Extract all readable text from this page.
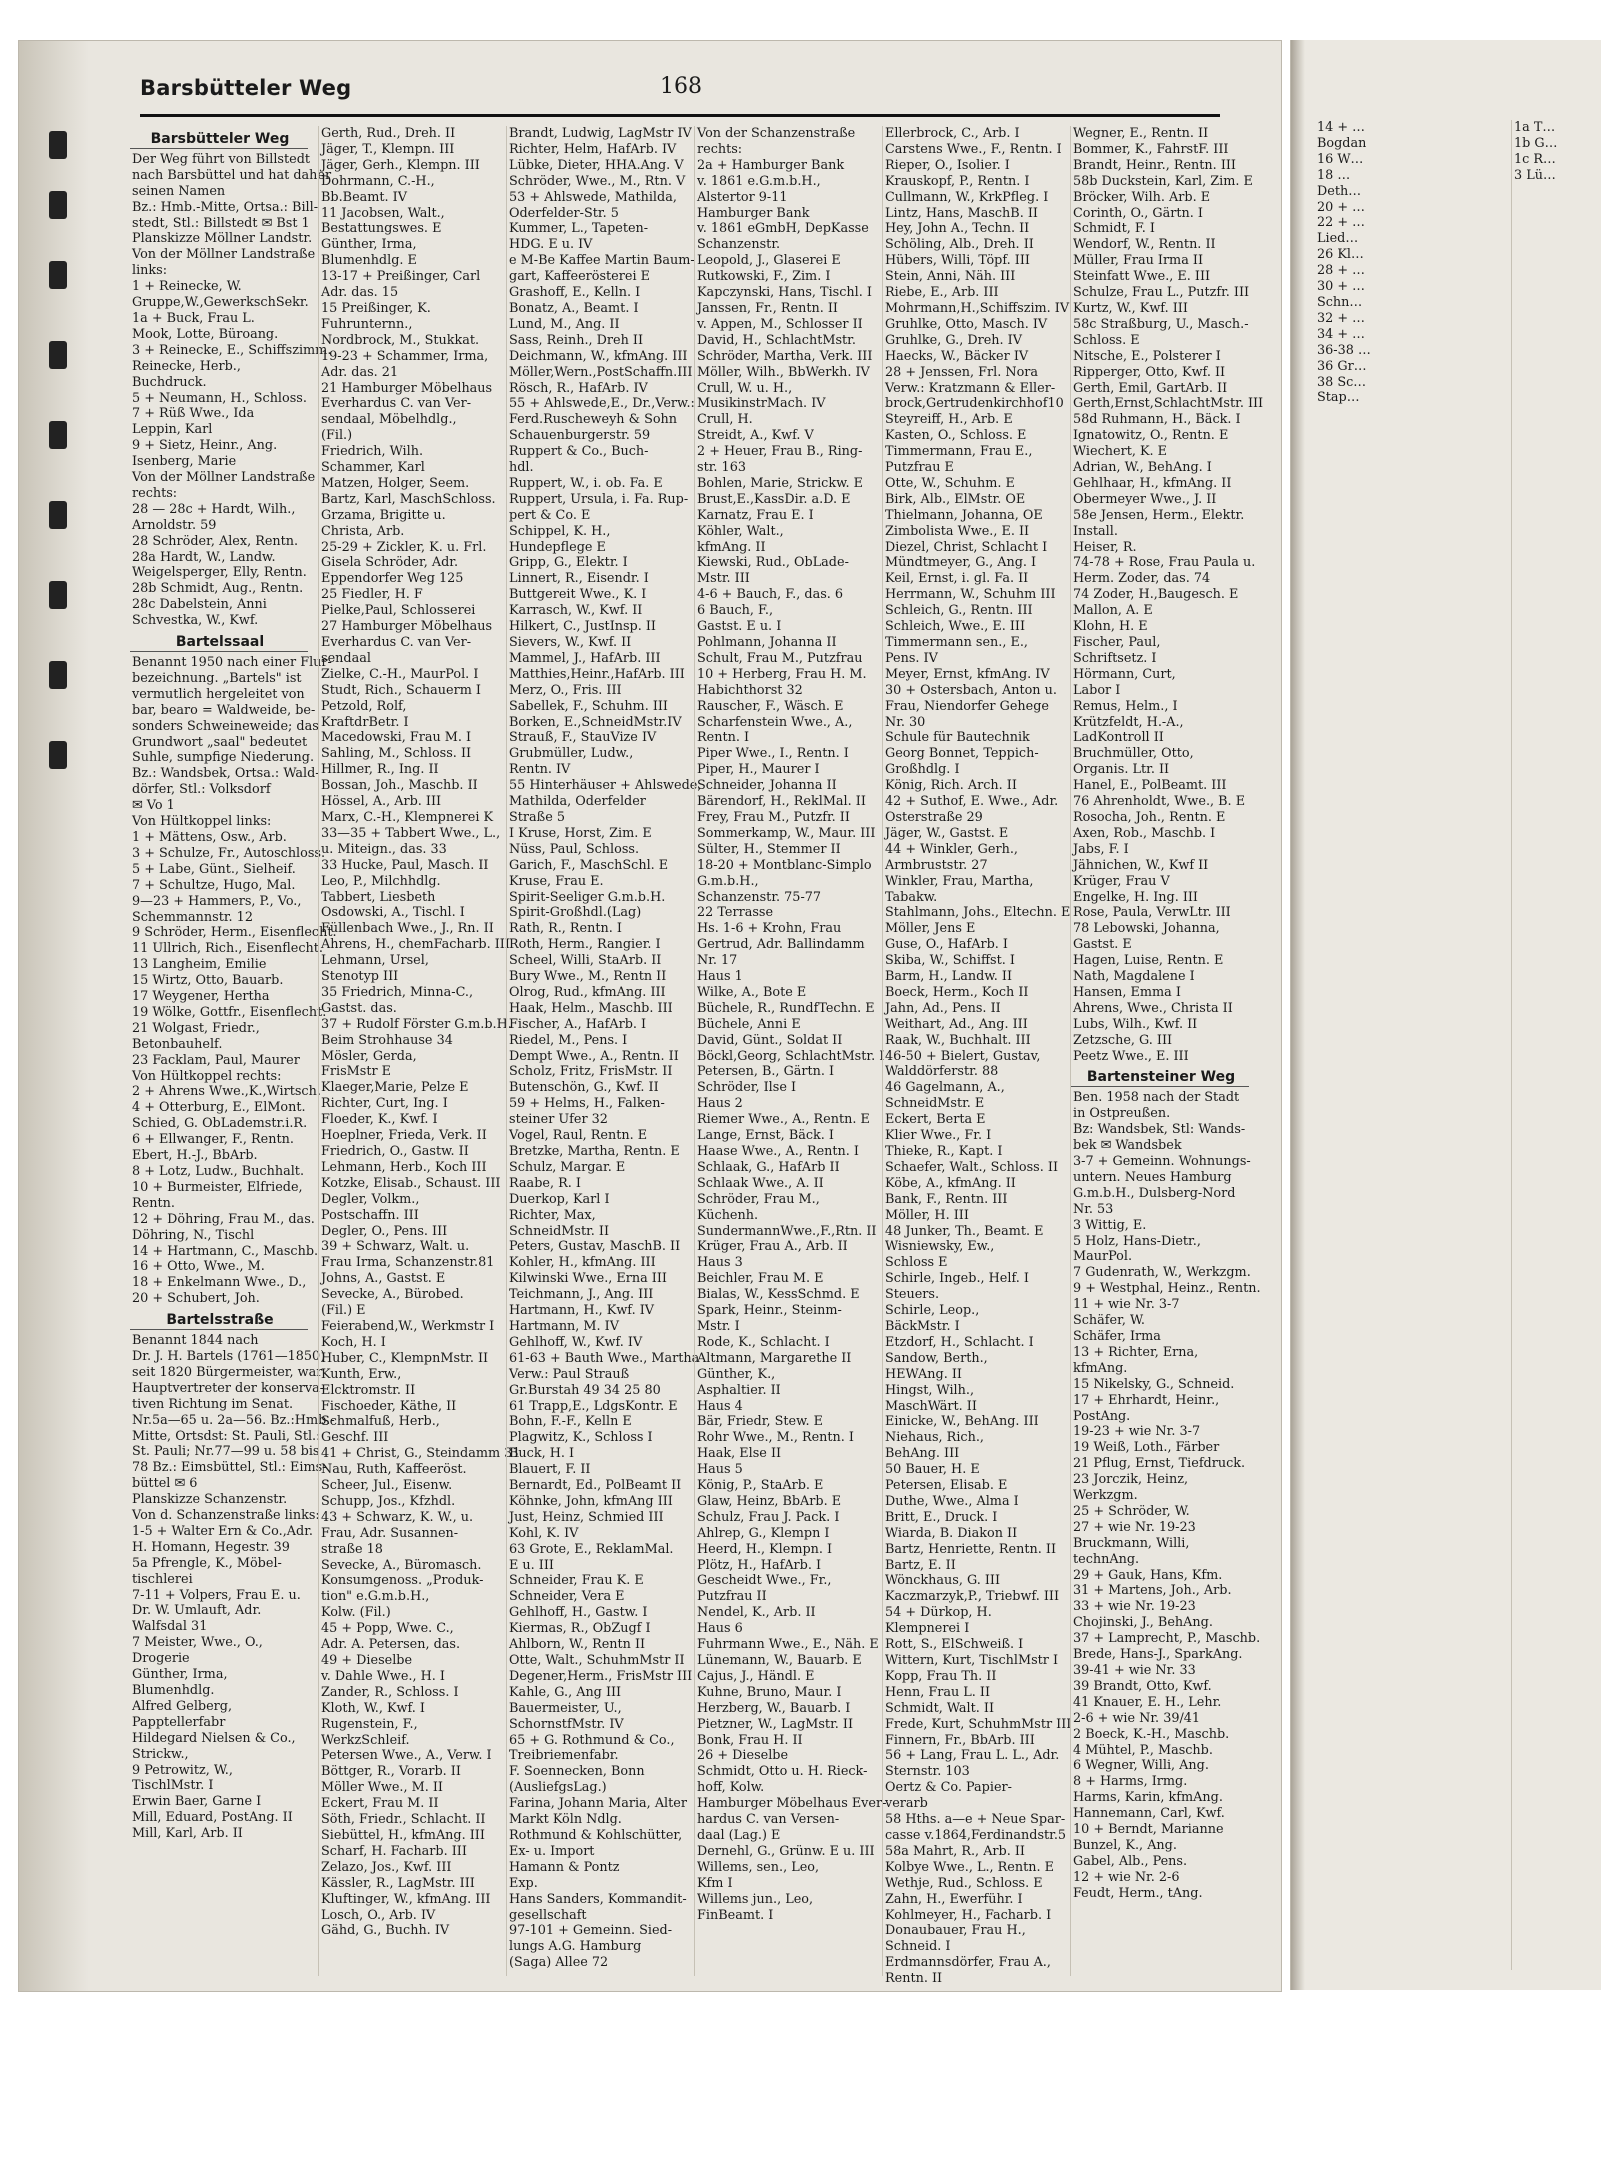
Barsbütteler Weg	168
Barsbütteler Weg
Der Weg führt von Billstedt
nach Barsbüttel und hat daher
seinen Namen
Bz.: Hmb.-Mitte, Ortsa.: Bill-
stedt, Stl.: Billstedt ✉ Bst 1
Planskizze Möllner Landstr.
Von der Möllner Landstraße
links:
1 + Reinecke, W.
Gruppe,W.,GewerkschSekr.
1a + Buck, Frau L.
Mook, Lotte, Büroang.
3 + Reinecke, E., Schiffszimm.
Reinecke, Herb.,
Buchdruck.
5 + Neumann, H., Schloss.
7 + Rüß Wwe., Ida
Leppin, Karl
9 + Sietz, Heinr., Ang.
Isenberg, Marie
Von der Möllner Landstraße
rechts:
28 — 28c + Hardt, Wilh.,
Arnoldstr. 59
28 Schröder, Alex, Rentn.
28a Hardt, W., Landw.
Weigelsperger, Elly, Rentn.
28b Schmidt, Aug., Rentn.
28c Dabelstein, Anni
Schvestka, W., Kwf.
Bartelssaal
Benannt 1950 nach einer Flur-
bezeichnung. „Bartels" ist
vermutlich hergeleitet von
bar, bearo = Waldweide, be-
sonders Schweineweide; das
Grundwort „saal" bedeutet
Suhle, sumpfige Niederung.
Bz.: Wandsbek, Ortsa.: Wald-
dörfer, Stl.: Volksdorf
✉ Vo 1
Von Hültkoppel links:
1 + Mättens, Osw., Arb.
3 + Schulze, Fr., Autoschloss.
5 + Labe, Günt., Sielheif.
7 + Schultze, Hugo, Mal.
9—23 + Hammers, P., Vo.,
Schemmannstr. 12
9 Schröder, Herm., Eisenflecht.
11 Ullrich, Rich., Eisenflecht.
13 Langheim, Emilie
15 Wirtz, Otto, Bauarb.
17 Weygener, Hertha
19 Wölke, Gottfr., Eisenflecht.
21 Wolgast, Friedr.,
Betonbauhelf.
23 Facklam, Paul, Maurer
Von Hültkoppel rechts:
2 + Ahrens Wwe.,K.,Wirtsch.
4 + Otterburg, E., ElMont.
Schied, G. ObLademstr.i.R.
6 + Ellwanger, F., Rentn.
Ebert, H.-J., BbArb.
8 + Lotz, Ludw., Buchhalt.
10 + Burmeister, Elfriede,
Rentn.
12 + Döhring, Frau M., das.
Döhring, N., Tischl
14 + Hartmann, C., Maschb.
16 + Otto, Wwe., M.
18 + Enkelmann Wwe., D.,
20 + Schubert, Joh.
Bartelsstraße
Benannt 1844 nach
Dr. J. H. Bartels (1761—1850)
seit 1820 Bürgermeister, war
Hauptvertreter der konserva-
tiven Richtung im Senat.
Nr.5a—65 u. 2a—56. Bz.:Hmb.-
Mitte, Ortsdst: St. Pauli, Stl.:
St. Pauli; Nr.77—99 u. 58 bis
78 Bz.: Eimsbüttel, Stl.: Eims-
büttel ✉ 6
Planskizze Schanzenstr.
Von d. Schanzenstraße links:
1-5 + Walter Ern & Co.,Adr.
H. Homann, Hegestr. 39
5a Pfrengle, K., Möbel-
tischlerei
7-11 + Volpers, Frau E. u.
Dr. W. Umlauft, Adr.
Walfsdal 31
7 Meister, Wwe., O.,
Drogerie
Günther, Irma,
Blumenhdlg.
Alfred Gelberg,
Pappteller​fabr
Hildegard Nielsen & Co.,
Strickw.,
9 Petrowitz, W.,
TischlMstr. I
Erwin Baer, Garne I
Mill, Eduard, PostAng. II
Mill, Karl, Arb. II
Gerth, Rud., Dreh. II
Jäger, T., Klempn. III
Jäger, Gerh., Klempn. III
Dohrmann, C.-H.,
Bb.Beamt. IV
11 Jacobsen, Walt.,
Bestattungswes. E
Günther, Irma,
Blumenhdlg. E
13-17 + Preißinger, Carl
Adr. das. 15
15 Preißinger, K.
Fuhrunternn.,
Nordbrock, M., Stukkat.
19-23 + Schammer, Irma,
Adr. das. 21
21 Hamburger Möbelhaus
Everhardus C. van Ver-
sendaal, Möbelhdlg.,
(Fil.)
Friedrich, Wilh.
Schammer, Karl
Matzen, Holger, Seem.
Bartz, Karl, MaschSchloss.
Grzama, Brigitte u.
Christa, Arb.
25-29 + Zickler, K. u. Frl.
Gisela Schröder, Adr.
Eppendorfer Weg 125
25 Fiedler, H. F
Pielke,Paul, Schlosserei
27 Hamburger Möbelhaus
Everhardus C. van Ver-
sendaal
Zielke, C.-H., MaurPol. I
Studt, Rich., Schauerm I
Petzold, Rolf,
KraftdrBetr. I
Macedowski, Frau M. I
Sahling, M., Schloss. II
Hillmer, R., Ing. II
Bossan, Joh., Maschb. II
Hössel, A., Arb. III
Marx, C.-H., Klempnerei K
33—35 + Tabbert Wwe., L.,
u. Miteign., das. 33
33 Hucke, Paul, Masch. II
Leo, P., Milchhdlg.
Tabbert, Liesbeth
Osdowski, A., Tischl. I
Füllenbach Wwe., J., Rn. II
Ahrens, H., chemFacharb. III
Lehmann, Ursel,
Stenotyp III
35 Friedrich, Minna-C.,
Gastst. das.
37 + Rudolf Förster G.m.b.H.
Beim Strohhause 34
Mösler, Gerda,
FrisMstr E
Klaeger,Marie, Pelze E
Richter, Curt, Ing. I
Floeder, K., Kwf. I
Hoeplner, Frieda, Verk. II
Friedrich, O., Gastw. II
Lehmann, Herb., Koch III
Kotzke, Elisab., Schaust. III
Degler, Volkm.,
Postschaffn. III
Degler, O., Pens. III
39 + Schwarz, Walt. u.
Frau Irma, Schanzenstr.81
Johns, A., Gastst. E
Sevecke, A., Bürobed.
(Fil.) E
Feierabend,W., Werkmstr I
Koch, H. I
Huber, C., KlempnMstr. II
Kunth, Erw.,
Elcktromstr. II
Fischoeder, Käthe, II
Schmalfuß, Herb.,
Geschf. III
41 + Christ, G., Steindamm 31
Nau, Ruth, Kaffeeröst.
Scheer, Jul., Eisenw.
Schupp, Jos., Kfzhdl.
43 + Schwarz, K. W., u.
Frau, Adr. Susannen-
straße 18
Sevecke, A., Büromasch.
Konsumgenoss. „Produk-
tion" e.G.m.b.H.,
Kolw. (Fil.)
45 + Popp, Wwe. C.,
Adr. A. Petersen, das.
49 + Dieselbe
v. Dahle Wwe., H. I
Zander, R., Schloss. I
Kloth, W., Kwf. I
Rugenstein, F.,
WerkzSchleif.
Petersen Wwe., A., Verw. I
Böttger, R., Vorarb. II
Möller Wwe., M. II
Eckert, Frau M. II
Söth, Friedr., Schlacht. II
Siebüttel, H., kfmAng. III
Scharf, H. Facharb. III
Zelazo, Jos., Kwf. III
Kässler, R., LagMstr. III
Kluftinger, W., kfmAng. III
Losch, O., Arb. IV
Gähd, G., Buchh. IV
Brandt, Ludwig, LagMstr IV
Richter, Helm, HafArb. IV
Lübke, Dieter, HHA.Ang. V
Schröder, Wwe., M., Rtn. V
53 + Ahlswede, Mathilda,
Oderfelder-Str. 5
Kummer, L., Tapeten-
HDG. E u. IV
e M-Be Kaffee Martin Baum-
gart, Kaffeerösterei E
Grashoff, E., Kelln. I
Bonatz, A., Beamt. I
Lund, M., Ang. II
Sass, Reinh., Dreh II
Deichmann, W., kfmAng. III
Möller,Wern.,PostSchaffn.III
Rösch, R., HafArb. IV
55 + Ahlswede,E., Dr.,Verw.:
Ferd.Ruscheweyh & Sohn
Schauenburgerstr. 59
Ruppert & Co., Buch-
hdl.
Ruppert, W., i. ob. Fa. E
Ruppert, Ursula, i. Fa. Rup-
pert & Co. E
Schippel, K. H.,
Hundepflege E
Gripp, G., Elektr. I
Linnert, R., Eisendr. I
Buttgereit Wwe., K. I
Karrasch, W., Kwf. II
Hilkert, C., JustInsp. II
Sievers, W., Kwf. II
Mammel, J., HafArb. III
Matthies,Heinr.,HafArb. III
Merz, O., Fris. III
Sabellek, F., Schuhm. III
Borken, E.,SchneidMstr.IV
Strauß, F., StauVize IV
Grubmüller, Ludw.,
Rentn. IV
55 Hinterhäuser + Ahlswede,
Mathilda, Oderfelder
Straße 5
I Kruse, Horst, Zim. E
Nüss, Paul, Schloss.
Garich, F., MaschSchl. E
Kruse, Frau E.
Spirit-Seeliger G.m.b.H.
Spirit-Großhdl.(Lag)
Rath, R., Rentn. I
Roth, Herm., Rangier. I
Scheel, Willi, StaArb. II
Bury Wwe., M., Rentn II
Olrog, Rud., kfmAng. III
Haak, Helm., Maschb. III
Fischer, A., HafArb. I
Riedel, M., Pens. I
Dempt Wwe., A., Rentn. II
Scholz, Fritz, FrisMstr. II
Butenschön, G., Kwf. II
59 + Helms, H., Falken-
steiner Ufer 32
Vogel, Raul, Rentn. E
Bretzke, Martha, Rentn. E
Schulz, Margar. E
Raabe, R. I
Duerkop, Karl I
Richter, Max,
SchneidMstr. II
Peters, Gustav, MaschB. II
Kohler, H., kfmAng. III
Kilwinski Wwe., Erna III
Teichmann, J., Ang. III
Hartmann, H., Kwf. IV
Hartmann, M. IV
Gehlhoff, W., Kwf. IV
61-63 + Bauth Wwe., Martha
Verw.: Paul Strauß
Gr.Burstah 49 34 25 80
61 Trapp,E., LdgsKontr. E
Bohn, F.-F., Kelln E
Plagwitz, K., Schloss I
Buck, H. I
Blauert, F. II
Bernardt, Ed., PolBeamt II
Köhnke, John, kfmAng III
Just, Heinz, Schmied III
Kohl, K. IV
63 Grote, E., ReklamMal.
E u. III
Schneider, Frau K. E
Schneider, Vera E
Gehlhoff, H., Gastw. I
Kiermas, R., ObZugf I
Ahlborn, W., Rentn II
Otte, Walt., SchuhmMstr II
Degener,Herm., FrisMstr III
Kahle, G., Ang III
Bauermeister, U.,
SchornstfMstr. IV
65 + G. Rothmund & Co.,
Treibriemenfabr.
F. Soennecken, Bonn
(AusliefgsLag.)
Farina, Johann Maria, Alter
Markt Köln Ndlg.
Rothmund & Kohlschütter,
Ex- u. Import
Hamann & Pontz
Exp.
Hans Sanders, Kommandit-
gesellschaft
97-101 + Gemeinn. Sied-
lungs A.G. Hamburg
(Saga) Allee 72
Von der Schanzenstraße
rechts:
2a + Hamburger Bank
v. 1861 e.G.m.b.H.,
Alstertor 9-11
Hamburger Bank
v. 1861 eGmbH, DepKasse
Schanzenstr.
Leopold, J., Glaserei E
Rutkowski, F., Zim. I
Kapczynski, Hans, Tischl. I
Janssen, Fr., Rentn. II
v. Appen, M., Schlosser II
David, H., SchlachtMstr.
Schröder, Martha, Verk. III
Möller, Wilh., BbWerkh. IV
Crull, W. u. H.,
MusikinstrMach. IV
Crull, H.
Streidt, A., Kwf. V
2 + Heuer, Frau B., Ring-
str. 163
Bohlen, Marie, Strickw. E
Brust,E.,KassDir. a.D. E
Karnatz, Frau E. I
Köhler, Walt.,
kfmAng. II
Kiewski, Rud., ObLade-
Mstr. III
4-6 + Bauch, F., das. 6
6 Bauch, F.,
Gastst. E u. I
Pohlmann, Johanna II
Schult, Frau M., Putzfrau
10 + Herberg, Frau H. M.
Habichthorst 32
Rauscher, F., Wäsch. E
Scharfenstein Wwe., A.,
Rentn. I
Piper Wwe., I., Rentn. I
Piper, H., Maurer I
Schneider, Johanna II
Bärendorf, H., ReklMal. II
Frey, Frau M., Putzfr. II
Sommerkamp, W., Maur. III
Sülter, H., Stemmer II
18-20 + Montblanc-Simplo
G.m.b.H.,
Schanzenstr. 75-77
22 Terrasse
Hs. 1-6 + Krohn, Frau
Gertrud, Adr. Ballindamm
Nr. 17
Haus 1
Wilke, A., Bote E
Büchele, R., RundfTechn. E
Büchele, Anni E
David, Günt., Soldat II
Böckl,Georg, SchlachtMstr. I
Petersen, B., Gärtn. I
Schröder, Ilse I
Haus 2
Riemer Wwe., A., Rentn. E
Lange, Ernst, Bäck. I
Haase Wwe., A., Rentn. I
Schlaak, G., HafArb II
Schlaak Wwe., A. II
Schröder, Frau M.,
Küchenh.
SundermannWwe.,F.,Rtn. II
Krüger, Frau A., Arb. II
Haus 3
Beichler, Frau M. E
Bialas, W., KessSchmd. E
Spark, Heinr., Steinm-
Mstr. I
Rode, K., Schlacht. I
Altmann, Margarethe II
Günther, K.,
Asphaltier. II
Haus 4
Bär, Friedr, Stew. E
Rohr Wwe., M., Rentn. I
Haak, Else II
Haus 5
König, P., StaArb. E
Glaw, Heinz, BbArb. E
Schulz, Frau J. Pack. I
Ahlrep, G., Klempn I
Heerd, H., Klempn. I
Plötz, H., HafArb. I
Gescheidt Wwe., Fr.,
Putzfrau II
Nendel, K., Arb. II
Haus 6
Fuhrmann Wwe., E., Näh. E
Lünemann, W., Bauarb. E
Cajus, J., Händl. E
Kuhne, Bruno, Maur. I
Herzberg, W., Bauarb. I
Pietzner, W., LagMstr. II
Bonk, Frau H. II
26 + Dieselbe
Schmidt, Otto u. H. Rieck-
hoff, Kolw.
Hamburger Möbelhaus Ever-
hardus C. van Versen-
daal (Lag.) E
Dernehl, G., Grünw. E u. III
Willems, sen., Leo,
Kfm I
Willems jun., Leo,
FinBeamt. I
Ellerbrock, C., Arb. I
Carstens Wwe., F., Rentn. I
Rieper, O., Isolier. I
Krauskopf, P., Rentn. I
Cullmann, W., KrkPfleg. I
Lintz, Hans, MaschB. II
Hey, John A., Techn. II
Schöling, Alb., Dreh. II
Hübers, Willi, Töpf. III
Stein, Anni, Näh. III
Riebe, E., Arb. III
Mohrmann,H.,Schiffszim. IV
Gruhlke, Otto, Masch. IV
Gruhlke, G., Dreh. IV
Haecks, W., Bäcker IV
28 + Jenssen, Frl. Nora
Verw.: Kratzmann & Eller-
brock,Gertrudenkirchhof10
Steyreiff, H., Arb. E
Kasten, O., Schloss. E
Timmermann, Frau E.,
Putzfrau E
Otte, W., Schuhm. E
Birk, Alb., ElMstr. OE
Thielmann, Johanna, OE
Zimbolista Wwe., E. II
Diezel, Christ, Schlacht I
Mündtmeyer, G., Ang. I
Keil, Ernst, i. gl. Fa. II
Herrmann, W., Schuhm III
Schleich, G., Rentn. III
Schleich, Wwe., E. III
Timmermann sen., E.,
Pens. IV
Meyer, Ernst, kfmAng. IV
30 + Ostersbach, Anton u.
Frau, Niendorfer Gehege
Nr. 30
Schule für Bautechnik
Georg Bonnet, Teppich-
Großhdlg. I
König, Rich. Arch. II
42 + Suthof, E. Wwe., Adr.
Osterstraße 29
Jäger, W., Gastst. E
44 + Winkler, Gerh.,
Armbruststr. 27
Winkler, Frau, Martha,
Tabakw.
Stahlmann, Johs., Eltechn. E
Möller, Jens E
Guse, O., HafArb. I
Skiba, W., Schiffst. I
Barm, H., Landw. II
Boeck, Herm., Koch II
Jahn, Ad., Pens. II
Weithart, Ad., Ang. III
Raak, W., Buchhalt. III
46-50 + Bielert, Gustav,
Walddörferstr. 88
46 Gagelmann, A.,
SchneidMstr. E
Eckert, Berta E
Klier Wwe., Fr. I
Thieke, R., Kapt. I
Schaefer, Walt., Schloss. II
Köbe, A., kfmAng. II
Bank, F., Rentn. III
Möller, H. III
48 Junker, Th., Beamt. E
Wisniewsky, Ew.,
Schloss E
Schirle, Ingeb., Helf. I
Steuers.
Schirle, Leop.,
BäckMstr. I
Etzdorf, H., Schlacht. I
Sandow, Berth.,
HEWAng. II
Hingst, Wilh.,
MaschWärt. II
Einicke, W., BehAng. III
Niehaus, Rich.,
BehAng. III
50 Bauer, H. E
Petersen, Elisab. E
Duthe, Wwe., Alma I
Britt, E., Druck. I
Wiarda, B. Diakon II
Bartz, Henriette, Rentn. II
Bartz, E. II
Wönckhaus, G. III
Kaczmarzyk,P., Triebwf. III
54 + Dürkop, H.
Klempnerei I
Rott, S., ElSchweiß. I
Wittern, Kurt, TischlMstr I
Kopp, Frau Th. II
Henn, Frau L. II
Schmidt, Walt. II
Frede, Kurt, SchuhmMstr III
Finnern, Fr., BbArb. III
56 + Lang, Frau L. L., Adr.
Sternstr. 103
Oertz & Co. Papier-
verarb
58 Hths. a—e + Neue Spar-
casse v.1864,Ferdinandstr.5
58a Mahrt, R., Arb. II
Kolbye Wwe., L., Rentn. E
Wethje, Rud., Schloss. E
Zahn, H., Ewerführ. I
Kohlmeyer, H., Facharb. I
Donaubauer, Frau H.,
Schneid. I
Erdmannsdörfer, Frau A.,
Rentn. II
Wegner, E., Rentn. II
Bommer, K., FahrstF. III
Brandt, Heinr., Rentn. III
58b Duckstein, Karl, Zim. E
Bröcker, Wilh. Arb. E
Corinth, O., Gärtn. I
Schmidt, F. I
Wendorf, W., Rentn. II
Müller, Frau Irma II
Steinfatt Wwe., E. III
Schulze, Frau L., Putzfr. III
Kurtz, W., Kwf. III
58c Straßburg, U., Masch.-
Schloss. E
Nitsche, E., Polsterer I
Ripperger, Otto, Kwf. II
Gerth, Emil, GartArb. II
Gerth,Ernst,SchlachtMstr. III
58d Ruhmann, H., Bäck. I
Ignatowitz, O., Rentn. E
Wiechert, K. E
Adrian, W., BehAng. I
Gehlhaar, H., kfmAng. II
Obermeyer Wwe., J. II
58e Jensen, Herm., Elektr.
Install.
Heiser, R.
74-78 + Rose, Frau Paula u.
Herm. Zoder, das. 74
74 Zoder, H.,Baugesch. E
Mallon, A. E
Klohn, H. E
Fischer, Paul,
Schriftsetz. I
Hörmann, Curt,
Labor I
Remus, Helm., I
Krützfeldt, H.-A.,
LadKontroll II
Bruchmüller, Otto,
Organis. Ltr. II
Hanel, E., PolBeamt. III
76 Ahrenholdt, Wwe., B. E
Rosocha, Joh., Rentn. E
Axen, Rob., Maschb. I
Jabs, F. I
Jähnichen, W., Kwf II
Krüger, Frau V
Engelke, H. Ing. III
Rose, Paula, VerwLtr. III
78 Lebowski, Johanna,
Gastst. E
Hagen, Luise, Rentn. E
Nath, Magdalene I
Hansen, Emma I
Ahrens, Wwe., Christa II
Lubs, Wilh., Kwf. II
Zetzsche, G. III
Peetz Wwe., E. III
Bartensteiner Weg
Ben. 1958 nach der Stadt
in Ostpreußen.
Bz: Wandsbek, Stl: Wands-
bek ✉ Wandsbek
3-7 + Gemeinn. Wohnungs-
untern. Neues Hamburg
G.m.b.H., Dulsberg-Nord
Nr. 53
3 Wittig, E.
5 Holz, Hans-Dietr.,
MaurPol.
7 Gudenrath, W., Werkzgm.
9 + Westphal, Heinz., Rentn.
11 + wie Nr. 3-7
Schäfer, W.
Schäfer, Irma
13 + Richter, Erna,
kfmAng.
15 Nikelsky, G., Schneid.
17 + Ehrhardt, Heinr.,
PostAng.
19-23 + wie Nr. 3-7
19 Weiß, Loth., Färber
21 Pflug, Ernst, Tiefdruck.
23 Jorczik, Heinz,
Werkzgm.
25 + Schröder, W.
27 + wie Nr. 19-23
Bruckmann, Willi,
technAng.
29 + Gauk, Hans, Kfm.
31 + Martens, Joh., Arb.
33 + wie Nr. 19-23
Chojinski, J., BehAng.
37 + Lamprecht, P., Maschb.
Brede, Hans-J., SparkAng.
39-41 + wie Nr. 33
39 Brandt, Otto, Kwf.
41 Knauer, E. H., Lehr.
2-6 + wie Nr. 39/41
2 Boeck, K.-H., Maschb.
4 Mühtel, P., Maschb.
6 Wegner, Willi, Ang.
8 + Harms, Irmg.
Harms, Karin, kfmAng.
Hannemann, Carl, Kwf.
10 + Berndt, Marianne
Bunzel, K., Ang.
Gabel, Alb., Pens.
12 + wie Nr. 2-6
Feudt, Herm., tAng.
14 + …
Bogdan
16 W…
18 …
Deth…
20 + …
22 + …
Lied…
26 Kl…
28 + …
30 + …
Schn…
32 + …
34 + …
36-38 …
36 Gr…
38 Sc…
Stap…
1a T…
1b G…
1c R…
3 Lü…
